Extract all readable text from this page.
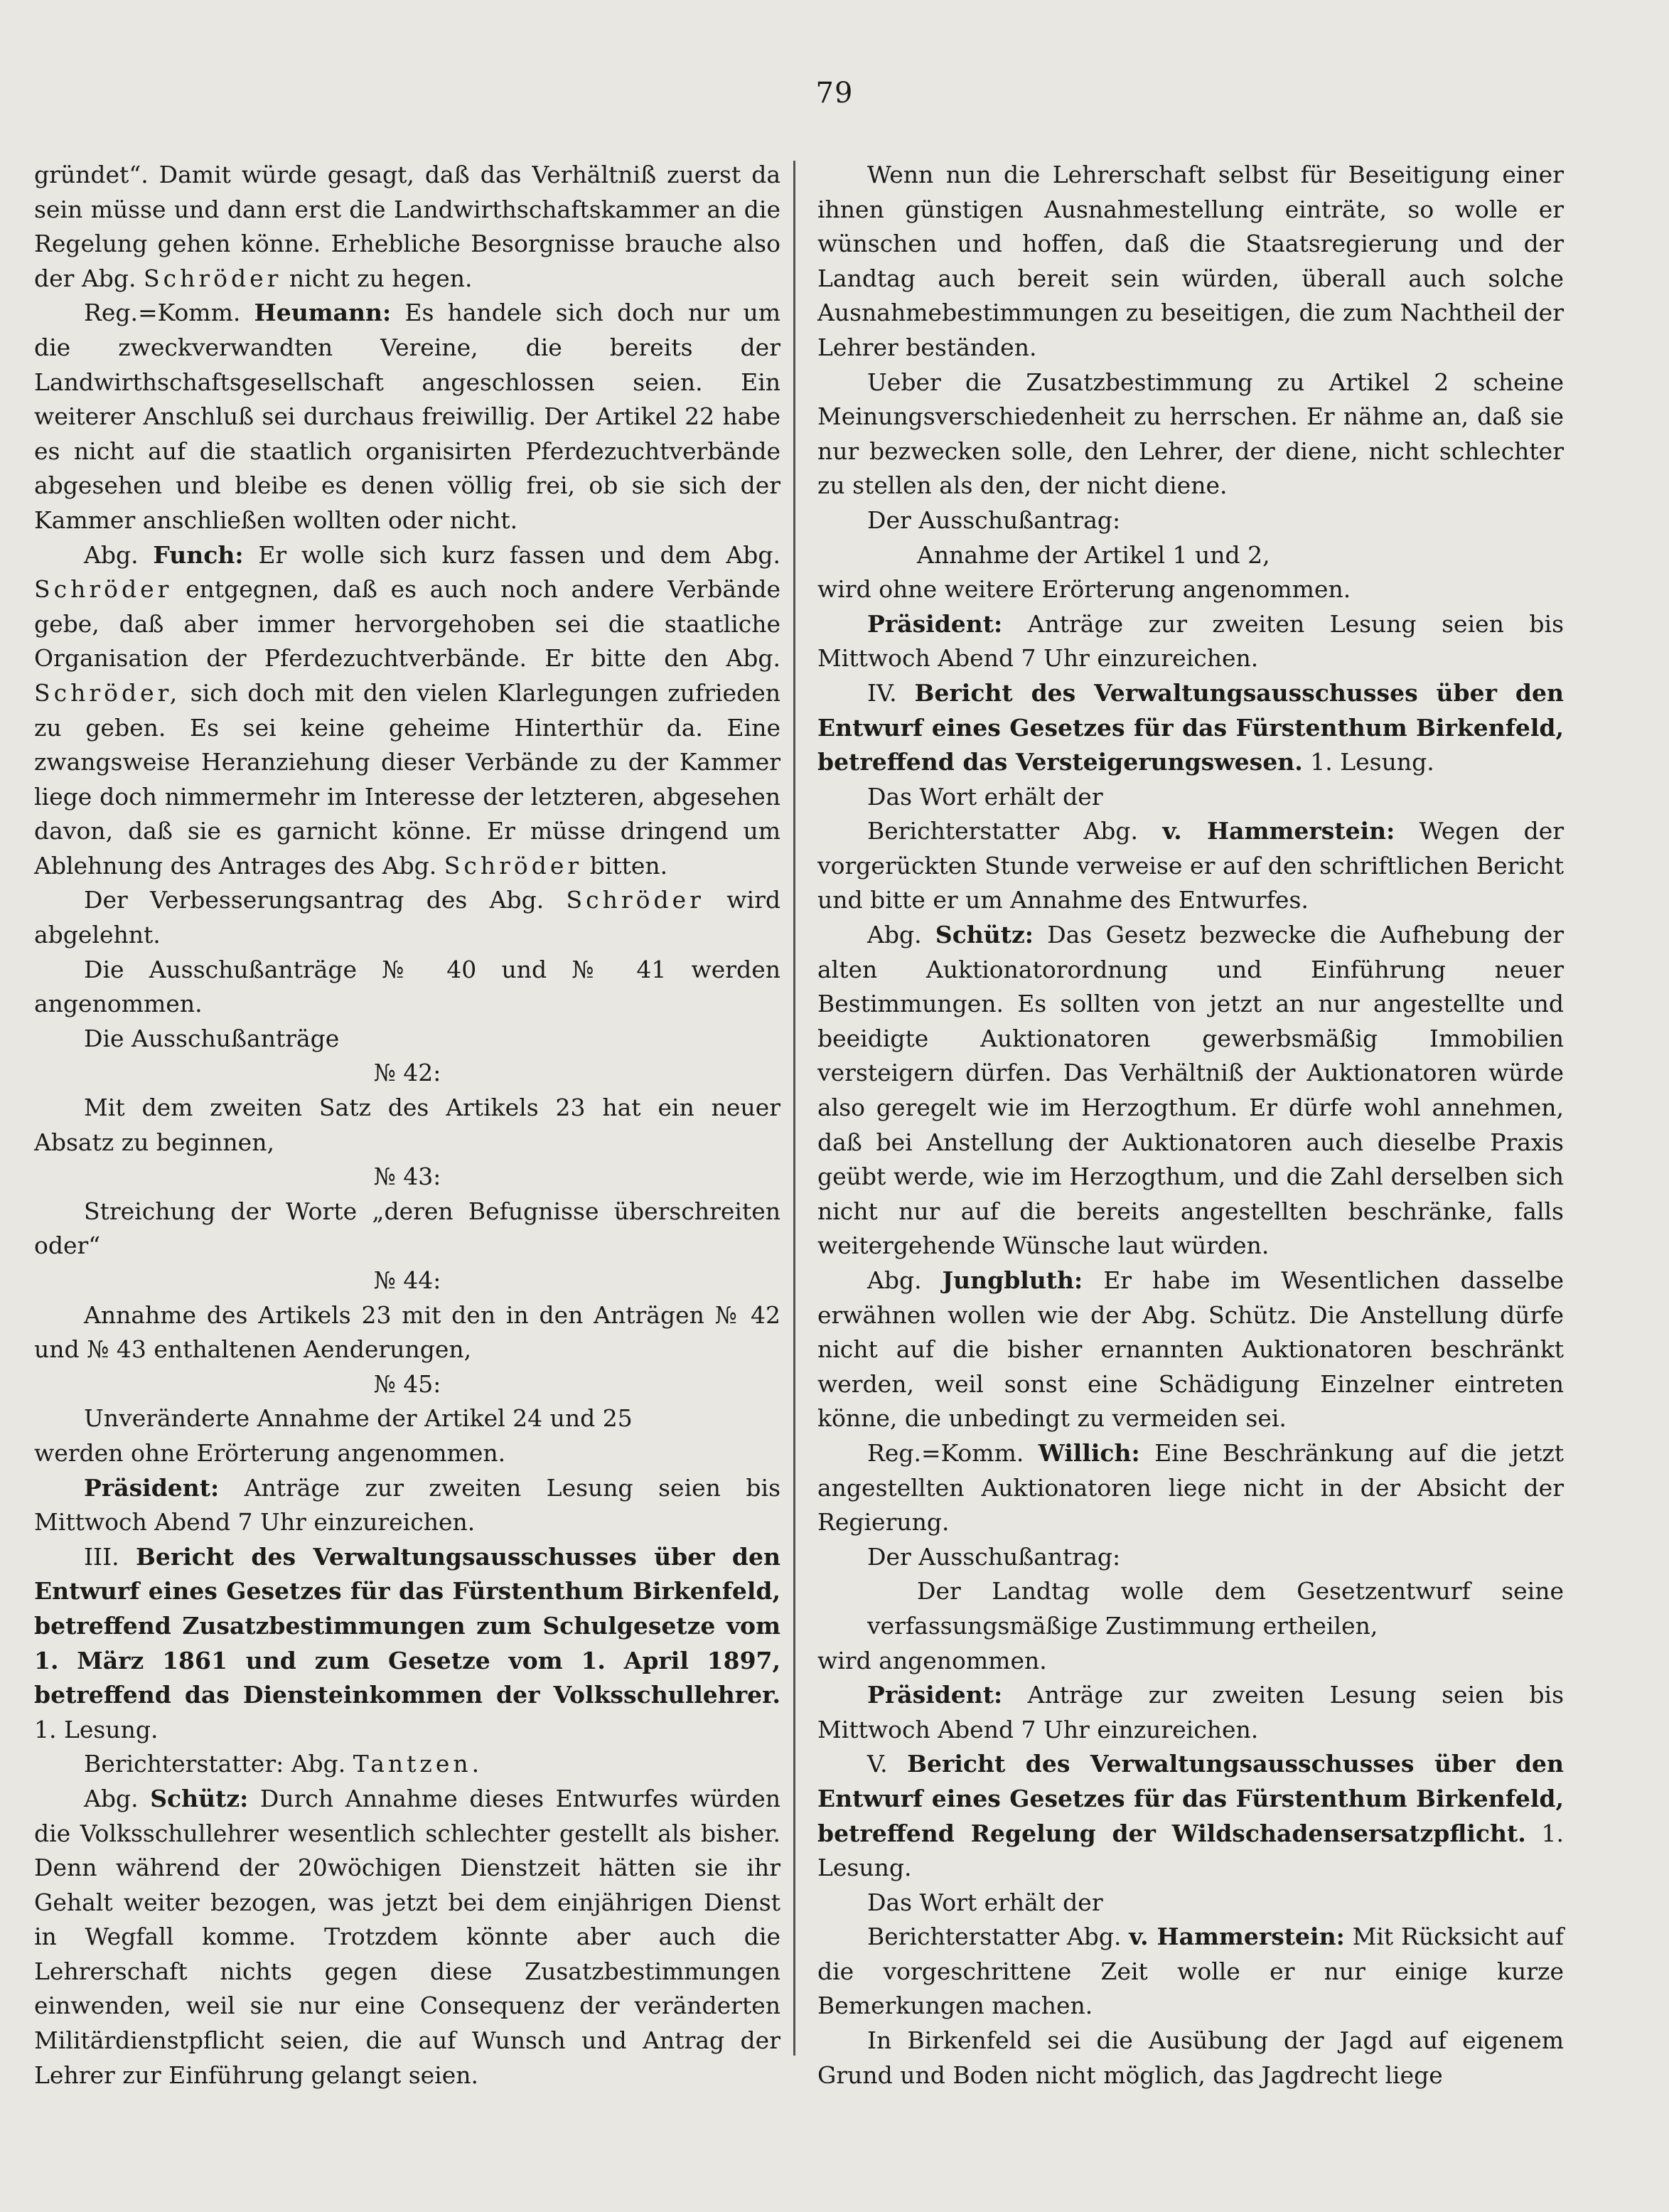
79

gründet“. Damit würde gesagt, daß das Verhältniß zuerst da sein müsse und dann erst die Landwirthschaftskammer an die Regelung gehen könne. Erhebliche Besorgnisse brauche also der Abg. Schröder nicht zu hegen.

Reg.=Komm. Heumann: Es handele sich doch nur um die zweckverwandten Vereine, die bereits der Landwirthschaftsgesellschaft angeschlossen seien. Ein weiterer Anschluß sei durchaus freiwillig. Der Artikel 22 habe es nicht auf die staatlich organisirten Pferdezuchtverbände abgesehen und bleibe es denen völlig frei, ob sie sich der Kammer anschließen wollten oder nicht.

Abg. Funch: Er wolle sich kurz fassen und dem Abg. Schröder entgegnen, daß es auch noch andere Verbände gebe, daß aber immer hervorgehoben sei die staatliche Organisation der Pferdezuchtverbände. Er bitte den Abg. Schröder, sich doch mit den vielen Klarlegungen zufrieden zu geben. Es sei keine geheime Hinterthür da. Eine zwangsweise Heranziehung dieser Verbände zu der Kammer liege doch nimmermehr im Interesse der letzteren, abgesehen davon, daß sie es garnicht könne. Er müsse dringend um Ablehnung des Antrages des Abg. Schröder bitten.

Der Verbesserungsantrag des Abg. Schröder wird abgelehnt.

Die Ausschußanträge № 40 und № 41 werden angenommen.

Die Ausschußanträge

№ 42:

Mit dem zweiten Satz des Artikels 23 hat ein neuer Absatz zu beginnen,

№ 43:

Streichung der Worte „deren Befugnisse überschreiten oder“

№ 44:

Annahme des Artikels 23 mit den in den Anträgen № 42 und № 43 enthaltenen Aenderungen,

№ 45:

Unveränderte Annahme der Artikel 24 und 25

werden ohne Erörterung angenommen.

Präsident: Anträge zur zweiten Lesung seien bis Mittwoch Abend 7 Uhr einzureichen.

III. Bericht des Verwaltungsausschusses über den Entwurf eines Gesetzes für das Fürstenthum Birkenfeld, betreffend Zusatzbestimmungen zum Schulgesetze vom 1. März 1861 und zum Gesetze vom 1. April 1897, betreffend das Diensteinkommen der Volksschullehrer. 1. Lesung.

Berichterstatter: Abg. Tantzen.

Abg. Schütz: Durch Annahme dieses Entwurfes würden die Volksschullehrer wesentlich schlechter gestellt als bisher. Denn während der 20wöchigen Dienstzeit hätten sie ihr Gehalt weiter bezogen, was jetzt bei dem einjährigen Dienst in Wegfall komme. Trotzdem könnte aber auch die Lehrerschaft nichts gegen diese Zusatzbestimmungen einwenden, weil sie nur eine Consequenz der veränderten Militärdienstpflicht seien, die auf Wunsch und Antrag der Lehrer zur Einführung gelangt seien.

Wenn nun die Lehrerschaft selbst für Beseitigung einer ihnen günstigen Ausnahmestellung einträte, so wolle er wünschen und hoffen, daß die Staatsregierung und der Landtag auch bereit sein würden, überall auch solche Ausnahmebestimmungen zu beseitigen, die zum Nachtheil der Lehrer beständen.

Ueber die Zusatzbestimmung zu Artikel 2 scheine Meinungsverschiedenheit zu herrschen. Er nähme an, daß sie nur bezwecken solle, den Lehrer, der diene, nicht schlechter zu stellen als den, der nicht diene.

Der Ausschußantrag:

Annahme der Artikel 1 und 2,

wird ohne weitere Erörterung angenommen.

Präsident: Anträge zur zweiten Lesung seien bis Mittwoch Abend 7 Uhr einzureichen.

IV. Bericht des Verwaltungsausschusses über den Entwurf eines Gesetzes für das Fürstenthum Birkenfeld, betreffend das Versteigerungswesen. 1. Lesung.

Das Wort erhält der

Berichterstatter Abg. v. Hammerstein: Wegen der vorgerückten Stunde verweise er auf den schriftlichen Bericht und bitte er um Annahme des Entwurfes.

Abg. Schütz: Das Gesetz bezwecke die Aufhebung der alten Auktionatorordnung und Einführung neuer Bestimmungen. Es sollten von jetzt an nur angestellte und beeidigte Auktionatoren gewerbsmäßig Immobilien versteigern dürfen. Das Verhältniß der Auktionatoren würde also geregelt wie im Herzogthum. Er dürfe wohl annehmen, daß bei Anstellung der Auktionatoren auch dieselbe Praxis geübt werde, wie im Herzogthum, und die Zahl derselben sich nicht nur auf die bereits angestellten beschränke, falls weitergehende Wünsche laut würden.

Abg. Jungbluth: Er habe im Wesentlichen dasselbe erwähnen wollen wie der Abg. Schütz. Die Anstellung dürfe nicht auf die bisher ernannten Auktionatoren beschränkt werden, weil sonst eine Schädigung Einzelner eintreten könne, die unbedingt zu vermeiden sei.

Reg.=Komm. Willich: Eine Beschränkung auf die jetzt angestellten Auktionatoren liege nicht in der Absicht der Regierung.

Der Ausschußantrag:

Der Landtag wolle dem Gesetzentwurf seine verfassungsmäßige Zustimmung ertheilen,

wird angenommen.

Präsident: Anträge zur zweiten Lesung seien bis Mittwoch Abend 7 Uhr einzureichen.

V. Bericht des Verwaltungsausschusses über den Entwurf eines Gesetzes für das Fürstenthum Birkenfeld, betreffend Regelung der Wildschadensersatzpflicht. 1. Lesung.

Das Wort erhält der

Berichterstatter Abg. v. Hammerstein: Mit Rücksicht auf die vorgeschrittene Zeit wolle er nur einige kurze Bemerkungen machen.

In Birkenfeld sei die Ausübung der Jagd auf eigenem Grund und Boden nicht möglich, das Jagdrecht liege
